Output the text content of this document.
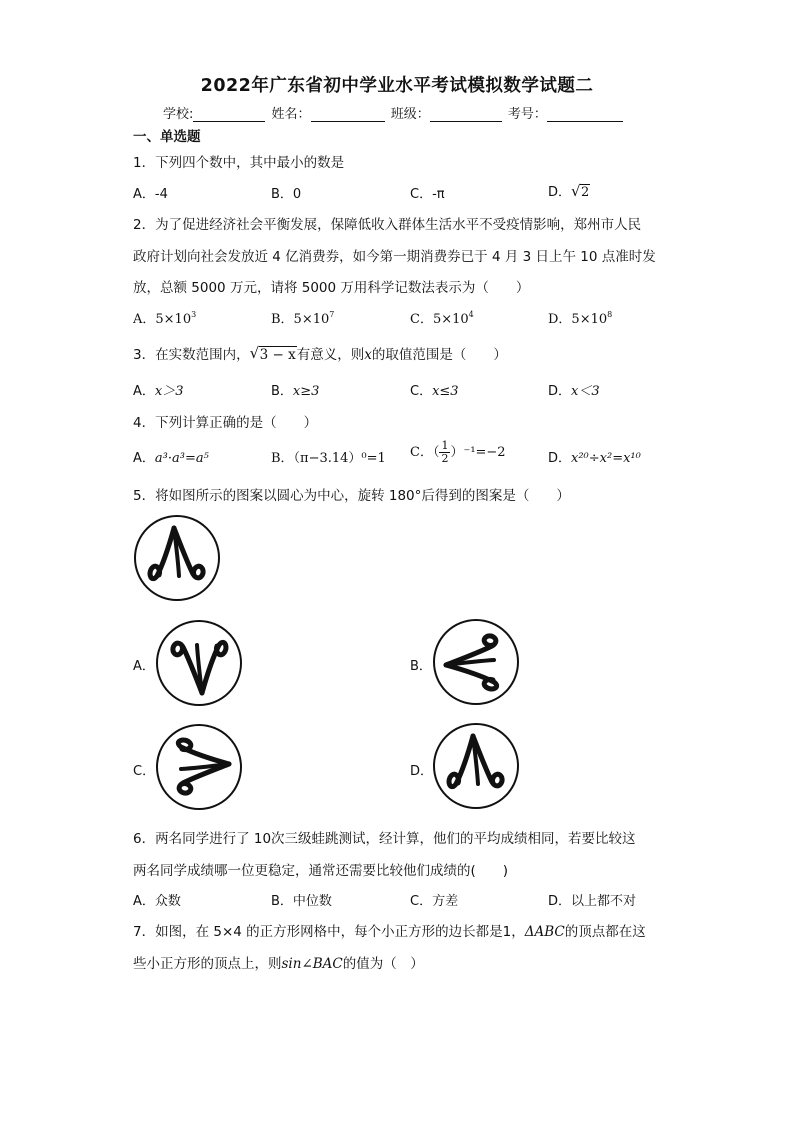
2022年广东省初中学业水平考试模拟数学试题二
学校:	姓名：	班级：	考号：
一、单选题
1．下列四个数中，其中最小的数是
A．-4	B．0	C．-π	D． √ 2
2．为了促进经济社会平衡发展，保障低收入群体生活水平不受疫情影响，郑州市人民
政府计划向社会发放近 4 亿消费券，如今第一期消费券已于 4 月 3 日上午 10 点准时发
放，总额 5000 万元，请将 5000 万用科学记数法表示为（　　）
A．$5\times 10^3$	B．$5\times 10^7$	C．$5\times 10^4$	D．$5\times 10^8$
3．在实数范围内， √ 3 − x有意义，则x的取值范围是（　　）
A．x＞3	B．x≥3	C．x≤3	D．x＜3
4．下列计算正确的是（　　）
A．a³·a³=a⁵	B．（π−3.14）⁰=1 C．（ $\frac{1}{2} )^{-1}=-2$	D．x²⁰÷x²=x¹⁰
5．将如图所示的图案以圆心为中心，旋转 180°后得到的图案是（　　）
A．	B．
C．	D．
6．两名同学进行了 10次三级蛙跳测试，经计算，他们的平均成绩相同，若要比较这
两名同学成绩哪一位更稳定，通常还需要比较他们成绩的(　　)
A．众数	B．中位数	C．方差	D．以上都不对
7．如图，在 5×4 的正方形网格中，每个小正方形的边长都是1，ΔABC的顶点都在这
些小正方形的顶点上，则sin∠BAC的值为（　）
